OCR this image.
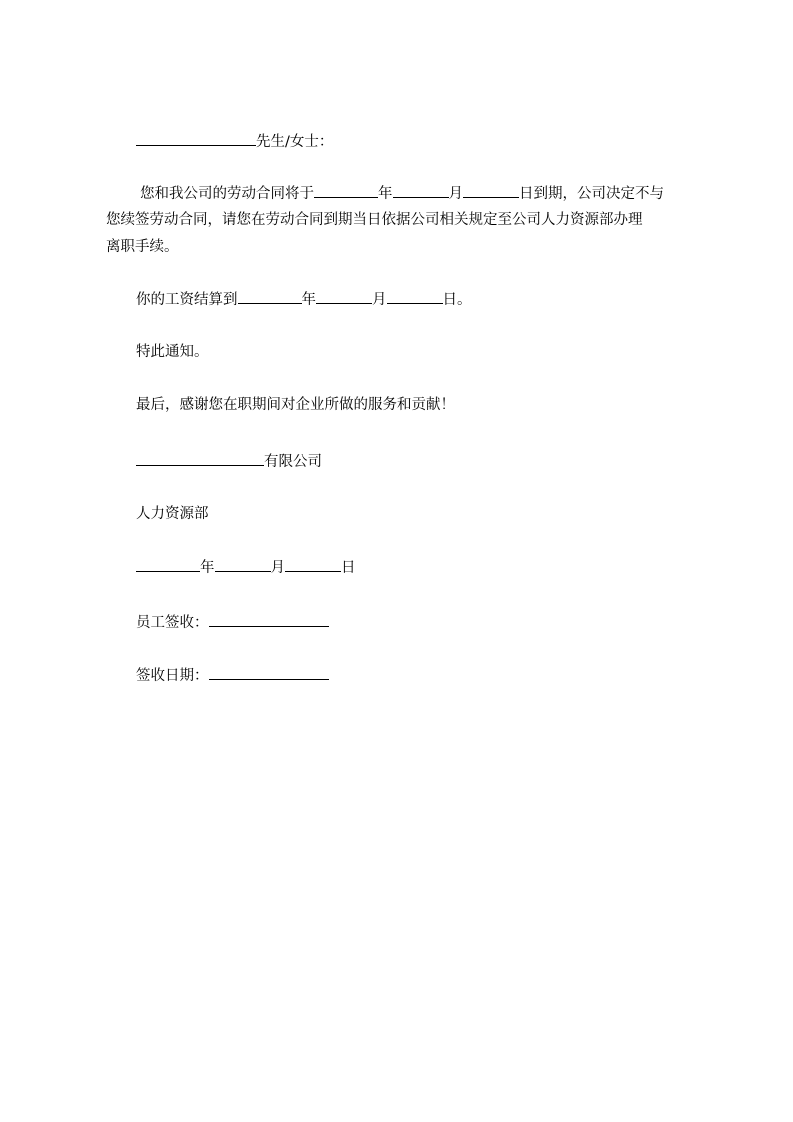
先生/女士：
您和我公司的劳动合同将于	年	月	日到期，公司决定不与
您续签劳动合同，请您在劳动合同到期当日依据公司相关规定至公司人力资源部办理
离职手续。
你的工资结算到	年	月	日。
特此通知。
最后，感谢您在职期间对企业所做的服务和贡献！
有限公司
人力资源部
年	月	日
员工签收：
签收日期：
